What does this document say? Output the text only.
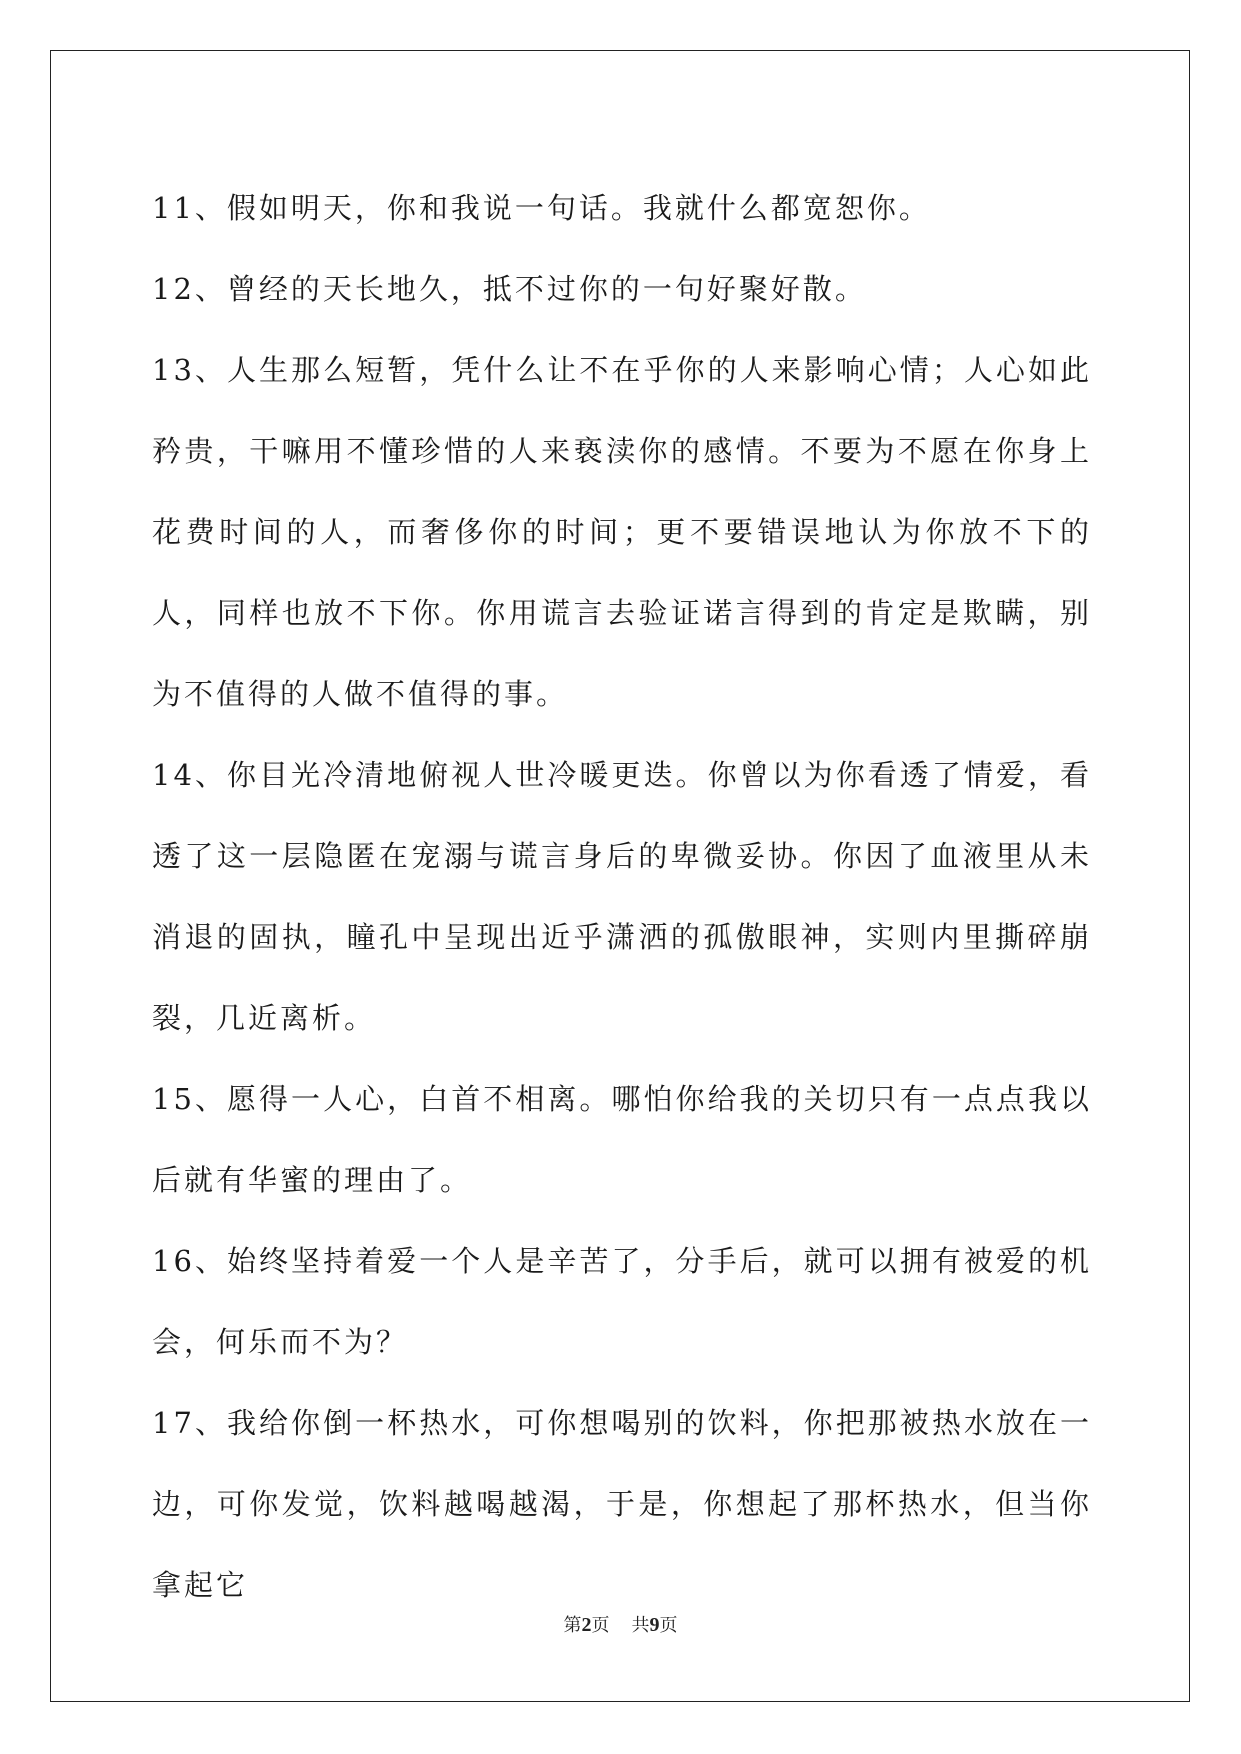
11、假如明天，你和我说一句话。我就什么都宽恕你。

12、曾经的天长地久，抵不过你的一句好聚好散。

13、人生那么短暂，凭什么让不在乎你的人来影响心情；人心如此矜贵，干嘛用不懂珍惜的人来亵渎你的感情。不要为不愿在你身上花费时间的人，而奢侈你的时间；更不要错误地认为你放不下的人，同样也放不下你。你用谎言去验证诺言得到的肯定是欺瞒，别为不值得的人做不值得的事。

14、你目光冷清地俯视人世冷暖更迭。你曾以为你看透了情爱，看透了这一层隐匿在宠溺与谎言身后的卑微妥协。你因了血液里从未消退的固执，瞳孔中呈现出近乎潇洒的孤傲眼神，实则内里撕碎崩裂，几近离析。

15、愿得一人心，白首不相离。哪怕你给我的关切只有一点点我以后就有华蜜的理由了。

16、始终坚持着爱一个人是辛苦了，分手后，就可以拥有被爱的机会，何乐而不为？

17、我给你倒一杯热水，可你想喝别的饮料，你把那被热水放在一边，可你发觉，饮料越喝越渴，于是，你想起了那杯热水，但当你拿起它

第2页 共9页
